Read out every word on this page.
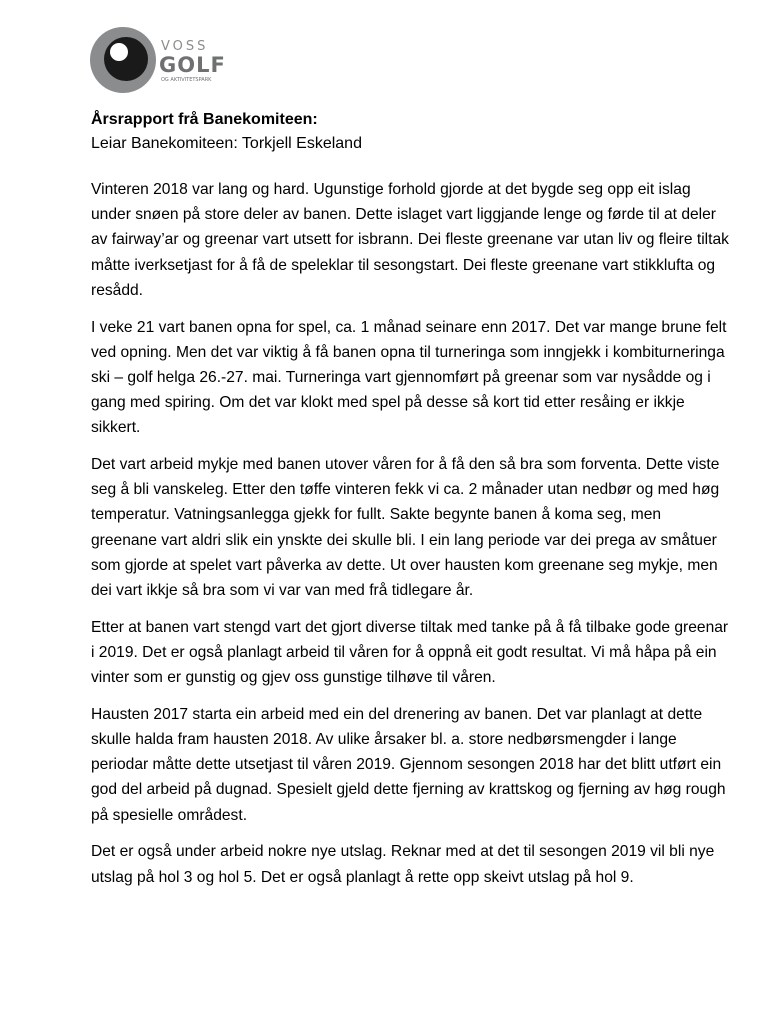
VOSS
GOLF
OG AKTIVITETSPARK

Årsrapport frå Banekomiteen:

Leiar Banekomiteen: Torkjell Eskeland

Vinteren 2018 var lang og hard. Ugunstige forhold gjorde at det bygde seg opp eit islag under snøen på store deler av banen. Dette islaget vart liggjande lenge og førde til at deler av fairway’ar og greenar vart utsett for isbrann. Dei fleste greenane var utan liv og fleire tiltak måtte iverksetjast for å få de speleklar til sesongstart. Dei fleste greenane vart stikklufta og resådd.

I veke 21 vart banen opna for spel, ca. 1 månad seinare enn 2017. Det var mange brune felt ved opning. Men det var viktig å få banen opna til turneringa som inngjekk i kombiturneringa ski – golf helga 26.-27. mai. Turneringa vart gjennomført på greenar som var nysådde og i gang med spiring. Om det var klokt med spel på desse så kort tid etter resåing er ikkje sikkert.

Det vart arbeid mykje med banen utover våren for å få den så bra som forventa. Dette viste seg å bli vanskeleg. Etter den tøffe vinteren fekk vi ca. 2 månader utan nedbør og med høg temperatur. Vatningsanlegga gjekk for fullt. Sakte begynte banen å koma seg, men greenane vart aldri slik ein ynskte dei skulle bli. I ein lang periode var dei prega av småtuer som gjorde at spelet vart påverka av dette. Ut over hausten kom greenane seg mykje, men dei vart ikkje så bra som vi var van med frå tidlegare år.

Etter at banen vart stengd vart det gjort diverse tiltak med tanke på å få tilbake gode greenar i 2019. Det er også planlagt arbeid til våren for å oppnå eit godt resultat. Vi må håpa på ein vinter som er gunstig og gjev oss gunstige tilhøve til våren.

Hausten 2017 starta ein arbeid med ein del drenering av banen. Det var planlagt at dette skulle halda fram hausten 2018. Av ulike årsaker bl. a. store nedbørsmengder i lange periodar måtte dette utsetjast til våren 2019. Gjennom sesongen 2018 har det blitt utført ein god del arbeid på dugnad. Spesielt gjeld dette fjerning av krattskog og fjerning av høg rough på spesielle områdest.

Det er også under arbeid nokre nye utslag. Reknar med at det til sesongen 2019 vil bli nye utslag på hol 3 og hol 5. Det er også planlagt å rette opp skeivt utslag på hol 9.
